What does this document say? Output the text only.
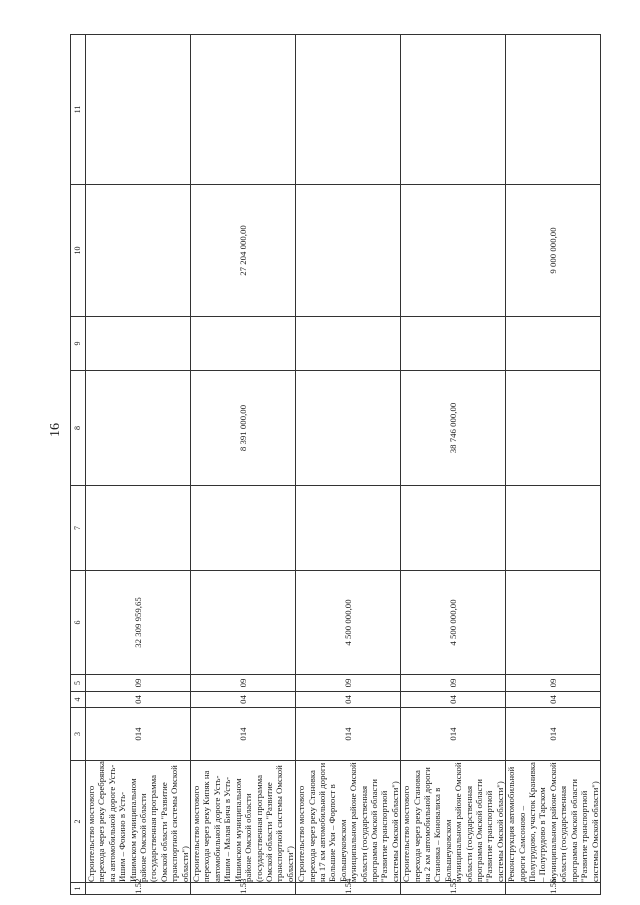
16
1	2	3	4	5	6	7	8	9	10	11
1.52	Строительство мостового перехода через реку Серебрянка на автомобильной дороге Усть-Ишим – Фокино в Усть-Ишимском муниципальном районе Омской области (государственная программа Омской области "Развитие транспортной системы Омской области")	014	04	09	32 309 959,65					
1.53	Строительство мостового перехода через реку Кипяк на автомобильной дороге Усть-Ишим – Малая Бича в Усть-Ишимском муниципальном районе Омской области (государственная программа Омской области "Развитие транспортной системы Омской области")	014	04	09			8 391 000,00		27 204 000,00	
1.54	Строительство мостового перехода через реку Становка на 17 км автомобильной дороги Большие Уки – Форпост в Большеуковском муниципальном районе Омской области (государственная программа Омской области "Развитие транспортной системы Омской области")	014	04	09	4 500 000,00					
1.55	Строительство мостового перехода через реку Становка на 2 км автомобильной дороги Становка – Коновалиха в Большеуковском муниципальном районе Омской области (государственная программа Омской области "Развитие транспортной системы Омской области")	014	04	09	4 500 000,00		38 746 000,00			
1.56	Реконструкция автомобильной дороги Самсоново – Полугрудово, участок Кранивка – Полугрудово в Тарском муниципальном районе Омской области (государственная программа Омской области "Развитие транспортной системы Омской области")	014	04	09					9 000 000,00	
